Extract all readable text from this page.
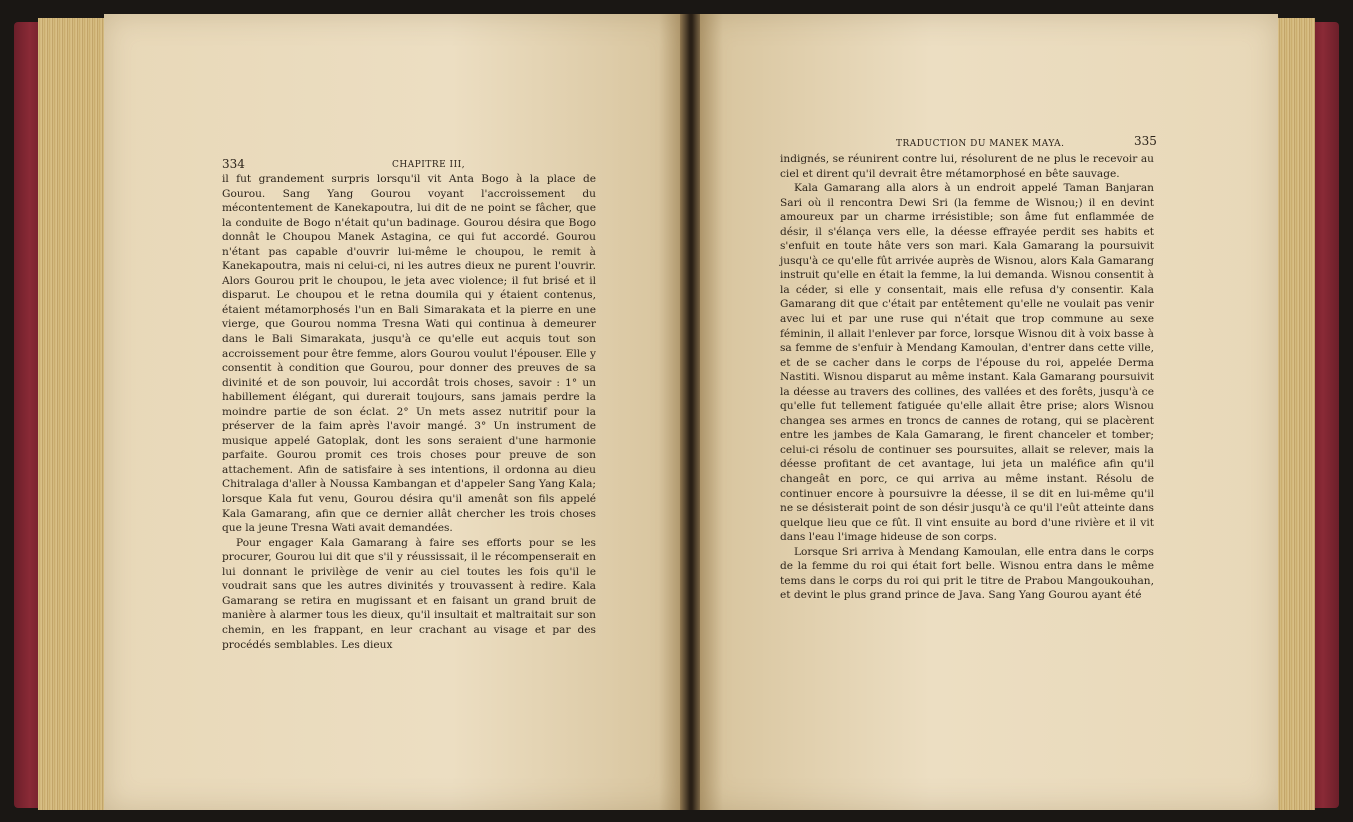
334	CHAPITRE III,

il fut grandement surpris lorsqu'il vit Anta Bogo à la place de Gourou. Sang Yang Gourou voyant l'accroissement du mécontentement de Kanekapoutra, lui dit de ne point se fâcher, que la conduite de Bogo n'était qu'un badinage. Gourou désira que Bogo donnât le Choupou Manek Astagina, ce qui fut accordé. Gourou n'étant pas capable d'ouvrir lui-même le choupou, le remit à Kanekapoutra, mais ni celui-ci, ni les autres dieux ne purent l'ouvrir. Alors Gourou prit le choupou, le jeta avec violence; il fut brisé et il disparut. Le choupou et le retna doumila qui y étaient contenus, étaient métamorphosés l'un en Bali Simarakata et la pierre en une vierge, que Gourou nomma Tresna Wati qui continua à demeurer dans le Bali Simarakata, jusqu'à ce qu'elle eut acquis tout son accroissement pour être femme, alors Gourou voulut l'épouser. Elle y consentit à condition que Gourou, pour donner des preuves de sa divinité et de son pouvoir, lui accordât trois choses, savoir : 1° un habillement élégant, qui durerait toujours, sans jamais perdre la moindre partie de son éclat. 2° Un mets assez nutritif pour la préserver de la faim après l'avoir mangé. 3° Un instrument de musique appelé Gatoplak, dont les sons seraient d'une harmonie parfaite. Gourou promit ces trois choses pour preuve de son attachement. Afin de satisfaire à ses intentions, il ordonna au dieu Chitralaga d'aller à Noussa Kambangan et d'appeler Sang Yang Kala; lorsque Kala fut venu, Gourou désira qu'il amenât son fils appelé Kala Gamarang, afin que ce dernier allât chercher les trois choses que la jeune Tresna Wati avait demandées.

Pour engager Kala Gamarang à faire ses efforts pour se les procurer, Gourou lui dit que s'il y réussissait, il le récompenserait en lui donnant le privilège de venir au ciel toutes les fois qu'il le voudrait sans que les autres divinités y trouvassent à redire. Kala Gamarang se retira en mugissant et en faisant un grand bruit de manière à alarmer tous les dieux, qu'il insultait et maltraitait sur son chemin, en les frappant, en leur crachant au visage et par des procédés semblables. Les dieux

TRADUCTION DU MANEK MAYA.	335

indignés, se réunirent contre lui, résolurent de ne plus le recevoir au ciel et dirent qu'il devrait être métamorphosé en bête sauvage.

Kala Gamarang alla alors à un endroit appelé Taman Banjaran Sari où il rencontra Dewi Sri (la femme de Wisnou;) il en devint amoureux par un charme irrésistible; son âme fut enflammée de désir, il s'élança vers elle, la déesse effrayée perdit ses habits et s'enfuit en toute hâte vers son mari. Kala Gamarang la poursuivit jusqu'à ce qu'elle fût arrivée auprès de Wisnou, alors Kala Gamarang instruit qu'elle en était la femme, la lui demanda. Wisnou consentit à la céder, si elle y consentait, mais elle refusa d'y consentir. Kala Gamarang dit que c'était par entêtement qu'elle ne voulait pas venir avec lui et par une ruse qui n'était que trop commune au sexe féminin, il allait l'enlever par force, lorsque Wisnou dit à voix basse à sa femme de s'enfuir à Mendang Kamoulan, d'entrer dans cette ville, et de se cacher dans le corps de l'épouse du roi, appelée Derma Nastiti. Wisnou disparut au même instant. Kala Gamarang poursuivit la déesse au travers des collines, des vallées et des forêts, jusqu'à ce qu'elle fut tellement fatiguée qu'elle allait être prise; alors Wisnou changea ses armes en troncs de cannes de rotang, qui se placèrent entre les jambes de Kala Gamarang, le firent chanceler et tomber; celui-ci résolu de continuer ses poursuites, allait se relever, mais la déesse profitant de cet avantage, lui jeta un maléfice afin qu'il changeât en porc, ce qui arriva au même instant. Résolu de continuer encore à poursuivre la déesse, il se dit en lui-même qu'il ne se désisterait point de son désir jusqu'à ce qu'il l'eût atteinte dans quelque lieu que ce fût. Il vint ensuite au bord d'une rivière et il vit dans l'eau l'image hideuse de son corps.

Lorsque Sri arriva à Mendang Kamoulan, elle entra dans le corps de la femme du roi qui était fort belle. Wisnou entra dans le même tems dans le corps du roi qui prit le titre de Prabou Mangoukouhan, et devint le plus grand prince de Java. Sang Yang Gourou ayant été
